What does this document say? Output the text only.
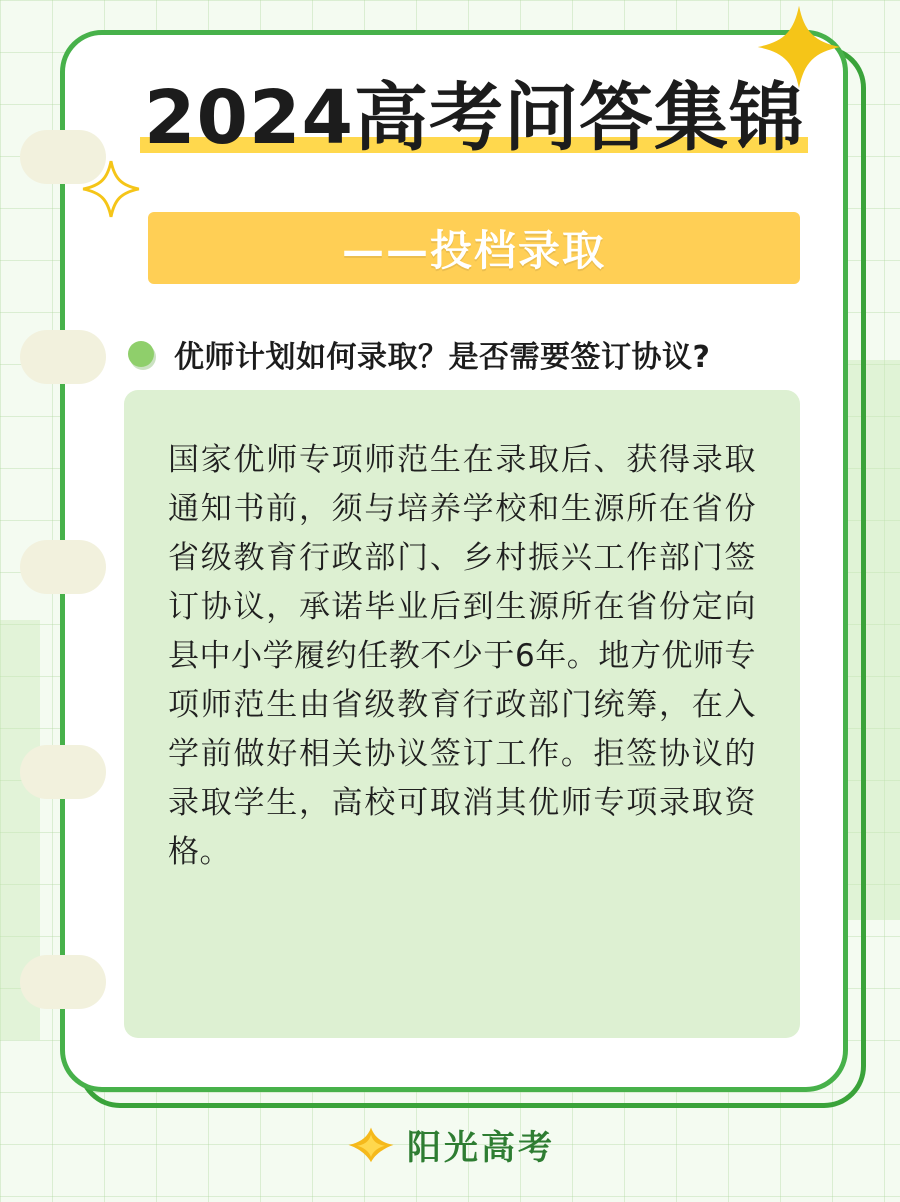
2024高考问答集锦
——投档录取
优师计划如何录取？是否需要签订协议?

国家优师专项师范生在录取后、获得录取通知书前，须与培养学校和生源所在省份省级教育行政部门、乡村振兴工作部门签订协议，承诺毕业后到生源所在省份定向县中小学履约任教不少于6年。地方优师专项师范生由省级教育行政部门统筹，在入学前做好相关协议签订工作。拒签协议的录取学生，高校可取消其优师专项录取资格。

阳光高考
